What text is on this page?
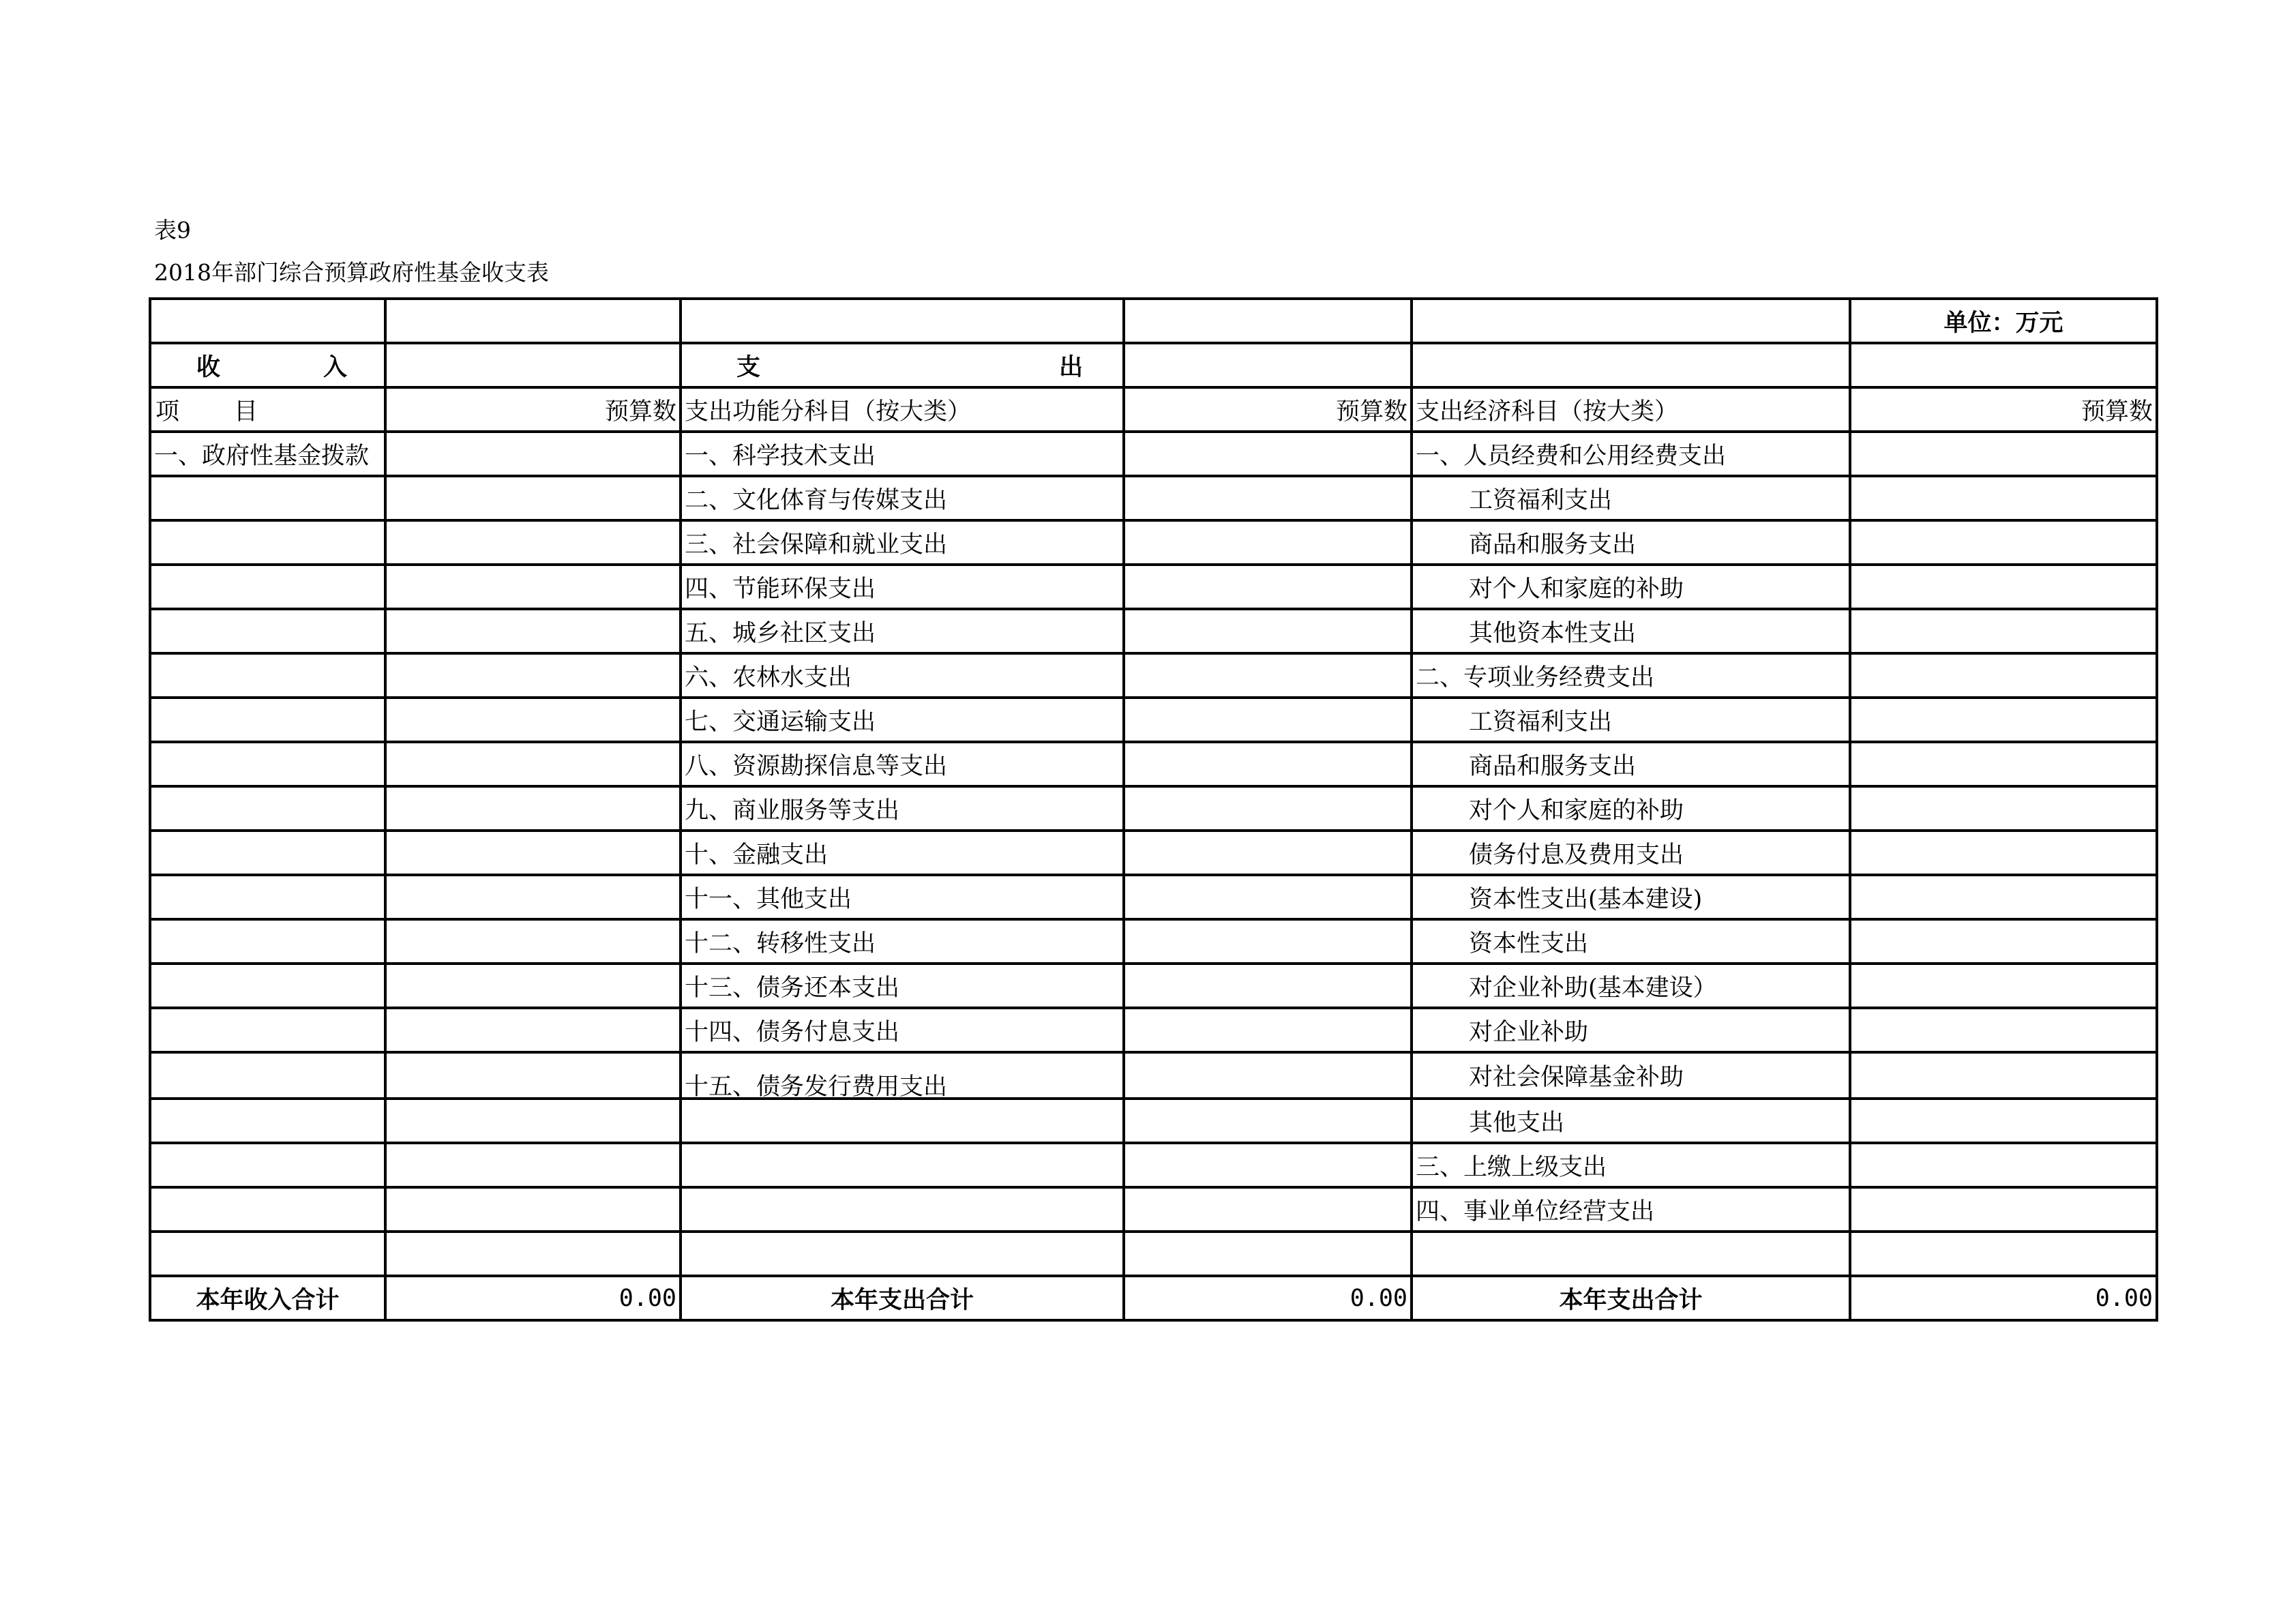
表9
2018年部门综合预算政府性基金收支表
					单位：万元

收 入		支 出			

项 目	预算数	支出功能分科目（按大类）	预算数	支出经济科目（按大类）	预算数
一、政府性基金拨款		一、科学技术支出		一、人员经费和公用经费支出	
		二、文化体育与传媒支出		工资福利支出	
		三、社会保障和就业支出		商品和服务支出	
		四、节能环保支出		对个人和家庭的补助	
		五、城乡社区支出		其他资本性支出	
		六、农林水支出		二、专项业务经费支出	
		七、交通运输支出		工资福利支出	
		八、资源勘探信息等支出		商品和服务支出	
		九、商业服务等支出		对个人和家庭的补助	
		十、金融支出		债务付息及费用支出	
		十一、其他支出		资本性支出(基本建设)	
		十二、转移性支出		资本性支出	
		十三、债务还本支出		对企业补助(基本建设）	
		十四、债务付息支出		对企业补助	
		十五、债务发行费用支出		对社会保障基金补助	
				其他支出	
				三、上缴上级支出	
				四、事业单位经营支出	

本年收入合计	0.00	本年支出合计	0.00	本年支出合计	0.00
